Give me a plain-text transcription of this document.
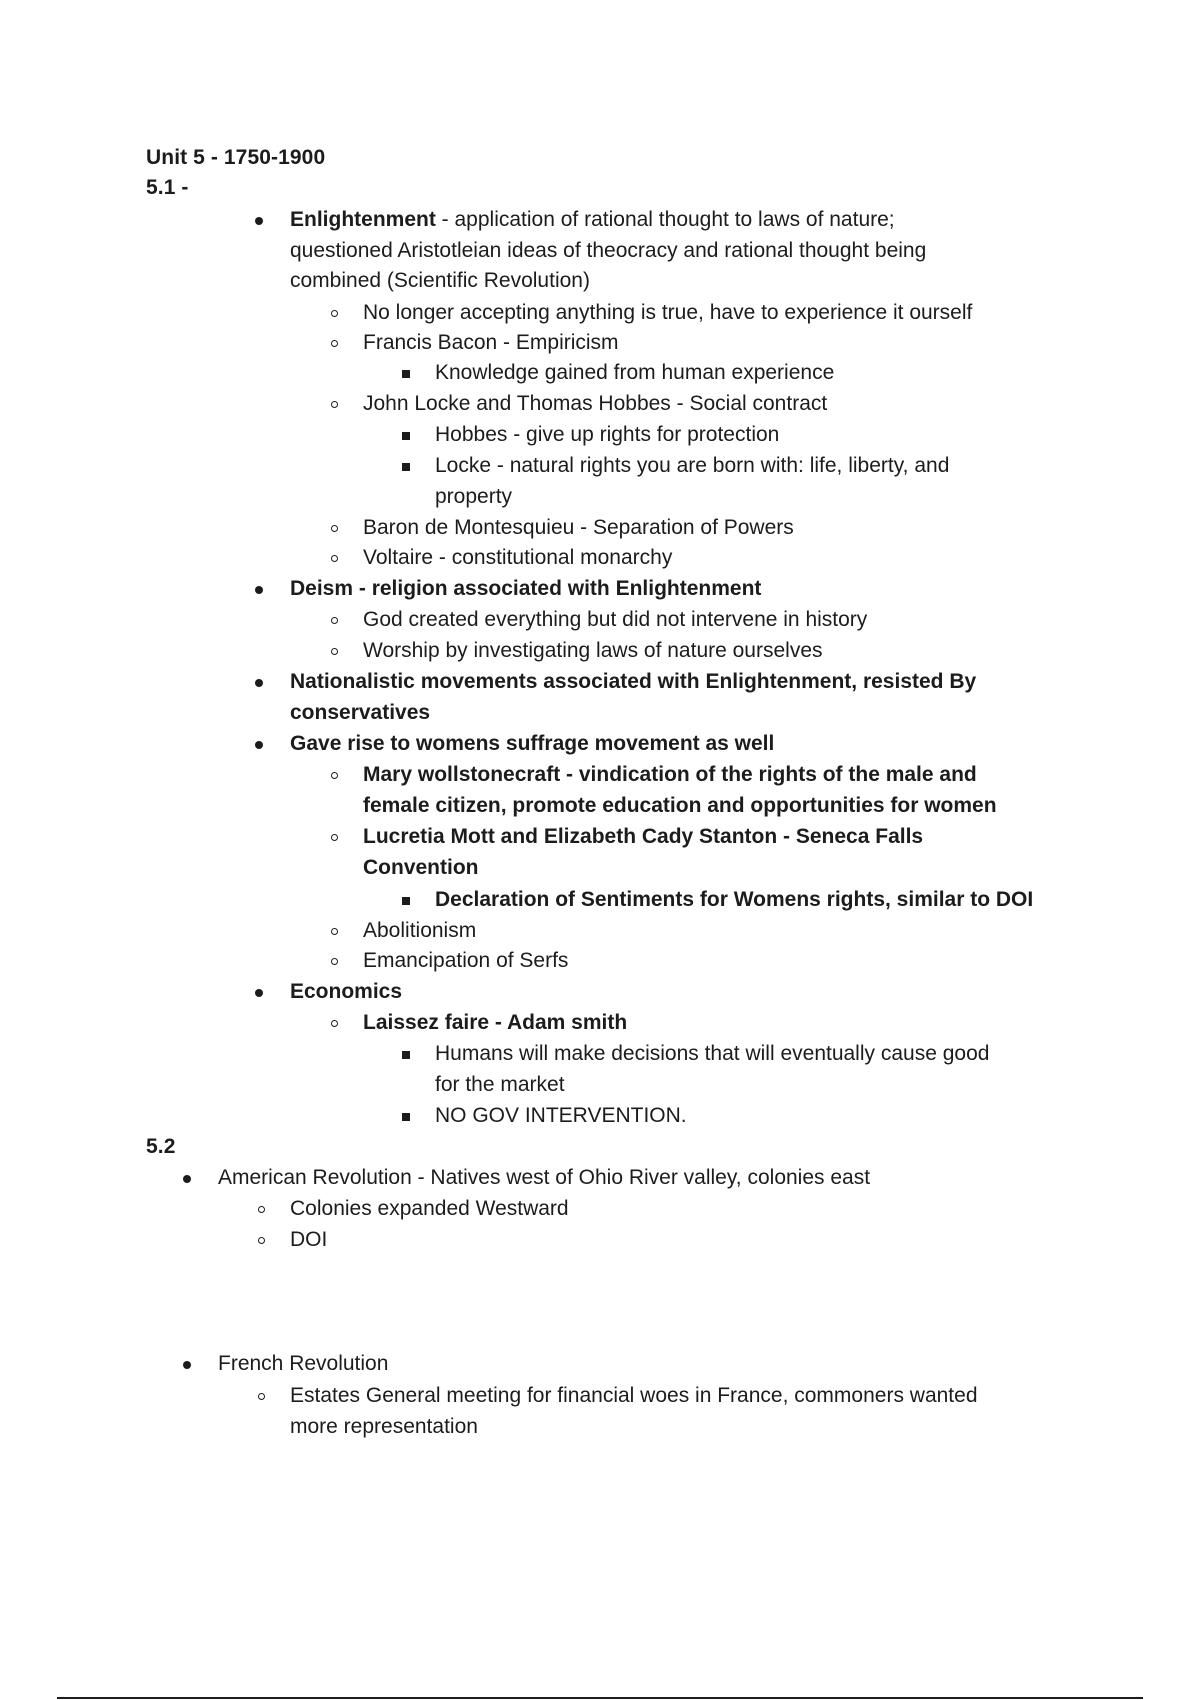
Unit 5 - 1750-1900
5.1 -
Enlightenment - application of rational thought to laws of nature;
questioned Aristotleian ideas of theocracy and rational thought being
combined (Scientific Revolution)
No longer accepting anything is true, have to experience it ourself
Francis Bacon - Empiricism
Knowledge gained from human experience
John Locke and Thomas Hobbes - Social contract
Hobbes - give up rights for protection
Locke - natural rights you are born with: life, liberty, and
property
Baron de Montesquieu - Separation of Powers
Voltaire - constitutional monarchy
Deism - religion associated with Enlightenment
God created everything but did not intervene in history
Worship by investigating laws of nature ourselves
Nationalistic movements associated with Enlightenment, resisted By
conservatives
Gave rise to womens suffrage movement as well
Mary wollstonecraft - vindication of the rights of the male and
female citizen, promote education and opportunities for women
Lucretia Mott and Elizabeth Cady Stanton - Seneca Falls
Convention
Declaration of Sentiments for Womens rights, similar to DOI
Abolitionism
Emancipation of Serfs
Economics
Laissez faire - Adam smith
Humans will make decisions that will eventually cause good
for the market
NO GOV INTERVENTION.
5.2
American Revolution - Natives west of Ohio River valley, colonies east
Colonies expanded Westward
DOI
French Revolution
Estates General meeting for financial woes in France, commoners wanted
more representation
